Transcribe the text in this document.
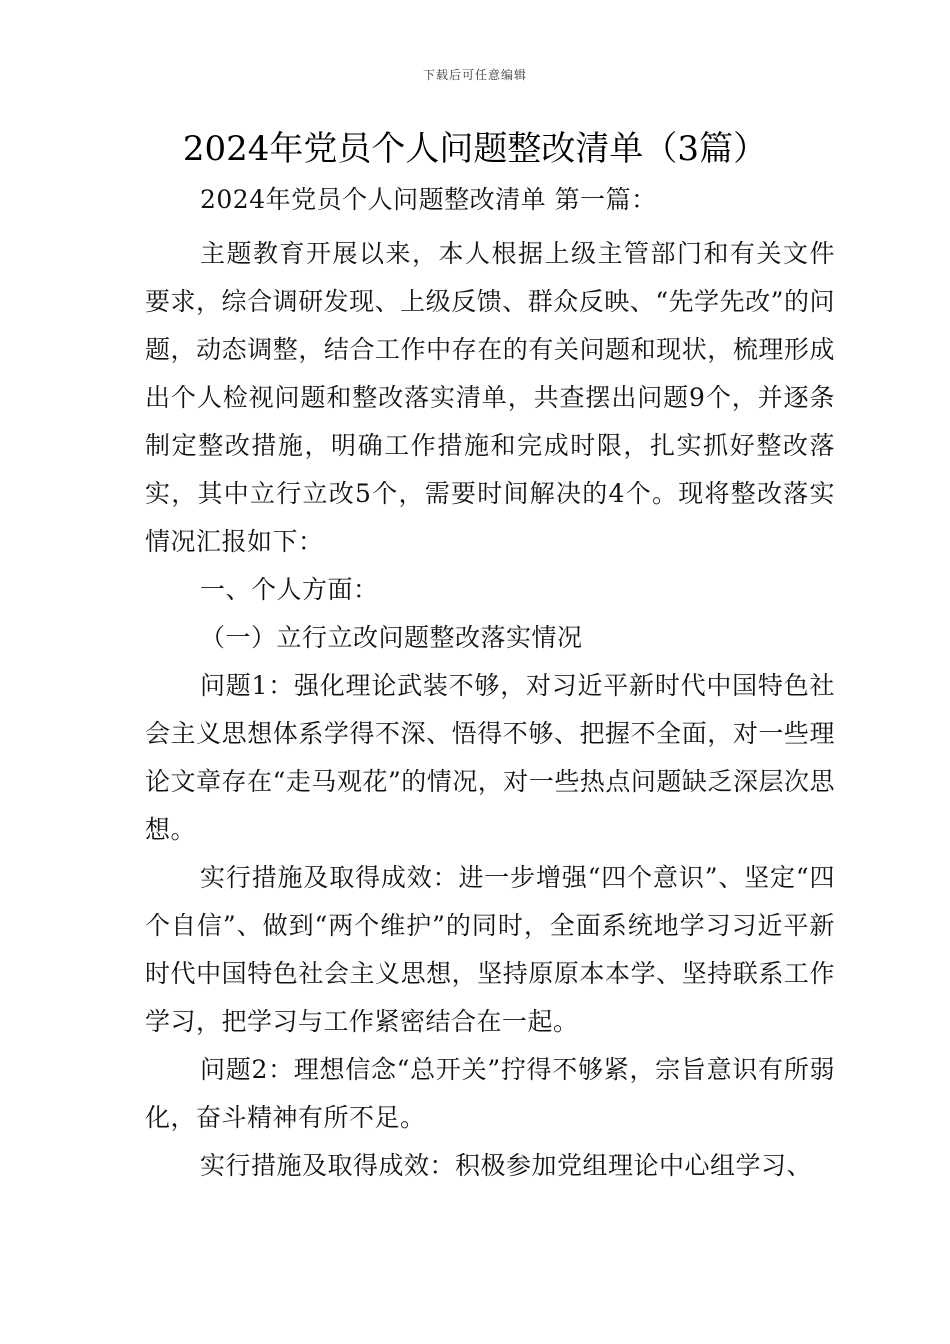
下载后可任意编辑
2024年党员个人问题整改清单（3篇）

2024年党员个人问题整改清单 第一篇：

主题教育开展以来，本人根据上级主管部门和有关文件要求，综合调研发现、上级反馈、群众反映、“先学先改”的问题，动态调整，结合工作中存在的有关问题和现状，梳理形成出个人检视问题和整改落实清单，共查摆出问题9个，并逐条制定整改措施，明确工作措施和完成时限，扎实抓好整改落实，其中立行立改5个，需要时间解决的4个。现将整改落实情况汇报如下：

一、个人方面：

（一）立行立改问题整改落实情况

问题1：强化理论武装不够，对习近平新时代中国特色社会主义思想体系学得不深、悟得不够、把握不全面，对一些理论文章存在“走马观花”的情况，对一些热点问题缺乏深层次思想。

实行措施及取得成效：进一步增强“四个意识”、坚定“四个自信”、做到“两个维护”的同时，全面系统地学习习近平新时代中国特色社会主义思想，坚持原原本本学、坚持联系工作学习，把学习与工作紧密结合在一起。

问题2：理想信念“总开关”拧得不够紧，宗旨意识有所弱化，奋斗精神有所不足。

实行措施及取得成效：积极参加党组理论中心组学习、
